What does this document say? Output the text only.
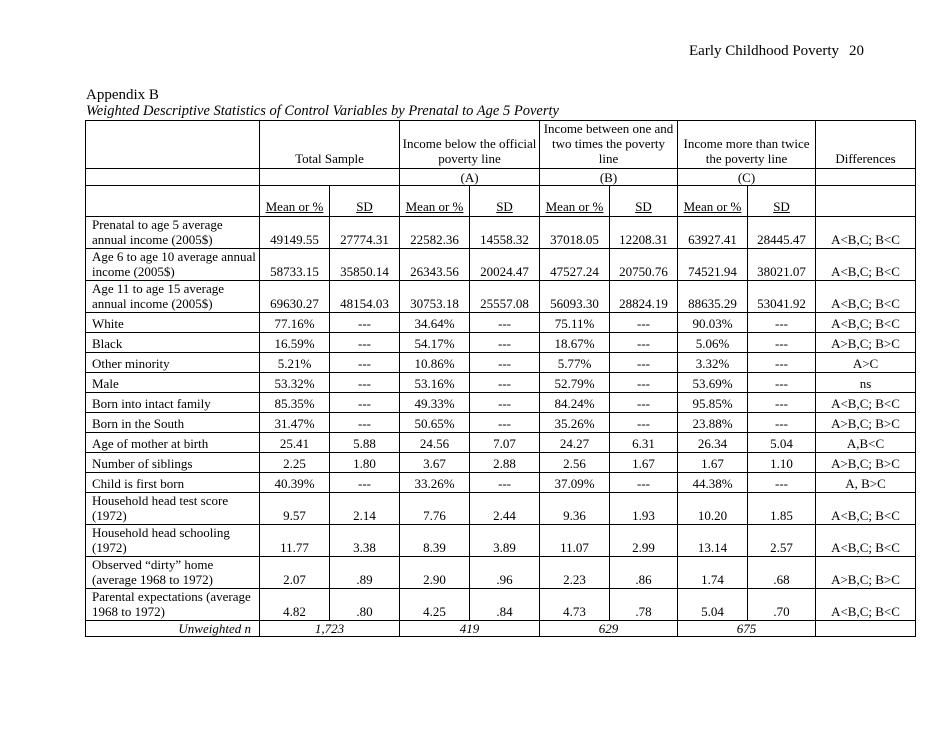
Early Childhood Poverty 20
Appendix B
Weighted Descriptive Statistics of Control Variables by Prenatal to Age 5 Poverty
	Total Sample		Income below the official poverty line		Income between one and two times the poverty line		Income more than twice the poverty line		Differences
			(A)		(B)		(C)		
	Mean or %	SD	Mean or %	SD	Mean or %	SD	Mean or %	SD	
Prenatal to age 5 average annual income (2005$)	49149.55	27774.31	22582.36	14558.32	37018.05	12208.31	63927.41	28445.47	A<B,C; B<C
Age 6 to age 10 average annual income (2005$)	58733.15	35850.14	26343.56	20024.47	47527.24	20750.76	74521.94	38021.07	A<B,C; B<C
Age 11 to age 15 average annual income (2005$)	69630.27	48154.03	30753.18	25557.08	56093.30	28824.19	88635.29	53041.92	A<B,C; B<C
White	77.16%	---	34.64%	---	75.11%	---	90.03%	---	A<B,C; B<C
Black	16.59%	---	54.17%	---	18.67%	---	5.06%	---	A>B,C; B>C
Other minority	5.21%	---	10.86%	---	5.77%	---	3.32%	---	A>C
Male	53.32%	---	53.16%	---	52.79%	---	53.69%	---	ns
Born into intact family	85.35%	---	49.33%	---	84.24%	---	95.85%	---	A<B,C; B<C
Born in the South	31.47%	---	50.65%	---	35.26%	---	23.88%	---	A>B,C; B>C
Age of mother at birth	25.41	5.88	24.56	7.07	24.27	6.31	26.34	5.04	A,B<C
Number of siblings	2.25	1.80	3.67	2.88	2.56	1.67	1.67	1.10	A>B,C; B>C
Child is first born	40.39%	---	33.26%	---	37.09%	---	44.38%	---	A, B>C
Household head test score (1972)	9.57	2.14	7.76	2.44	9.36	1.93	10.20	1.85	A<B,C; B<C
Household head schooling (1972)	11.77	3.38	8.39	3.89	11.07	2.99	13.14	2.57	A<B,C; B<C
Observed “dirty” home (average 1968 to 1972)	2.07	.89	2.90	.96	2.23	.86	1.74	.68	A>B,C; B>C
Parental expectations (average 1968 to 1972)	4.82	.80	4.25	.84	4.73	.78	5.04	.70	A<B,C; B<C
Unweighted n	1,723		419		629		675		
